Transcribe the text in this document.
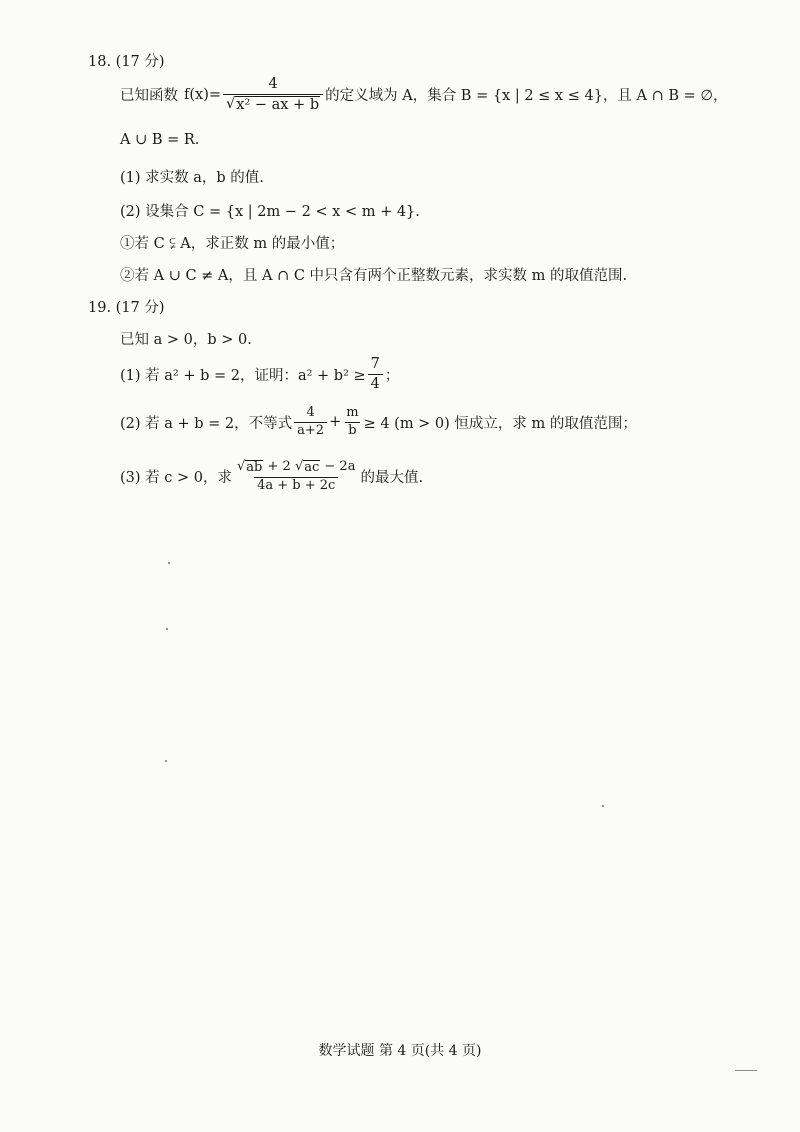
18. (17 分)
已知函数 $f(x)= \frac{4}{\text{√ x² − ax + b}}$ 的定义域为 A，集合 B = {x | 2 ≤ x ≤ 4}，且 A ∩ B = ∅，
A ∪ B = R.
(1) 求实数 a，b 的值.
(2) 设集合 C = {x | 2m − 2 < x < m + 4}.
①若 C ⫋ A，求正数 m 的最小值；
②若 A ∪ C ≠ A，且 A ∩ C 中只含有两个正整数元素，求实数 m 的取值范围.
19. (17 分)
已知 a > 0，b > 0.
(1) 若 a² + b = 2，证明：$a^2 + b^2 \ge \frac{7}{4}$ ；
(2) 若 a + b = 2，不等式 $\frac{4}{a+2} + \frac{m}{b} \ge 4$ (m > 0) 恒成立，求 m 的取值范围；
(3) 若 c > 0，求 $\frac{√ ab + 2 √ ac - 2a}{4a + b + 2c}$ 的最大值.
数学试题 第 4 页(共 4 页)
